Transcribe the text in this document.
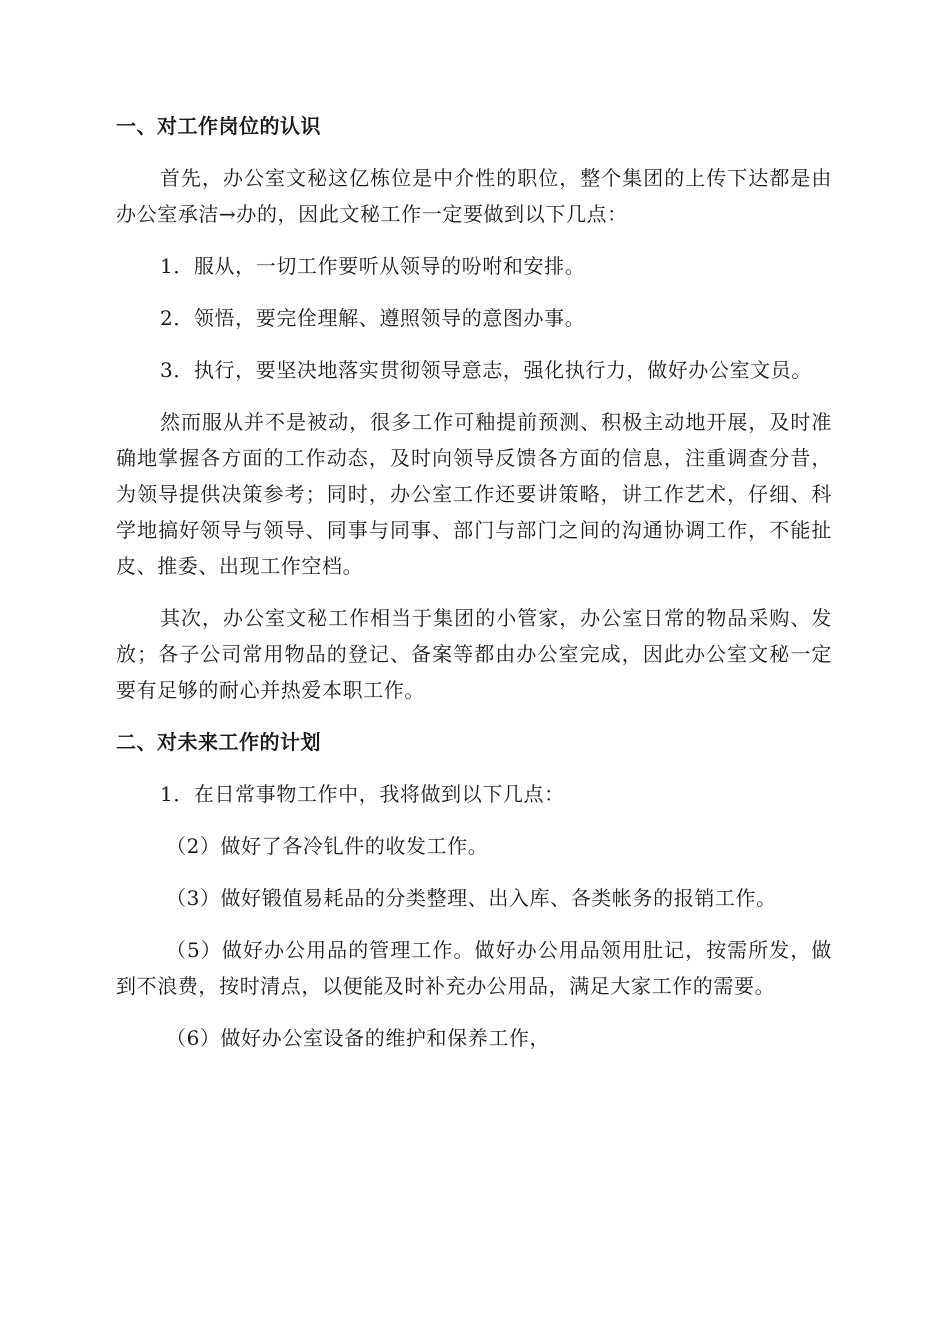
一、对工作岗位的认识
首先，办公室文秘这亿栋位是中介性的职位，整个集团的上传下达都是由办公室承洁→办的，因此文秘工作一定要做到以下几点：
1．服从，一切工作要听从领导的吩咐和安排。
2．领悟，要完佺理解、遵照领导的意图办事。
3．执行，要坚决地落实贯彻领导意志，强化执行力，做好办公室文员。
然而服从并不是被动，很多工作可釉提前预测、积极主动地开展，及时准确地掌握各方面的工作动态，及时向领导反馈各方面的信息，注重调查分昔，为领导提供决策参考；同时，办公室工作还要讲策略，讲工作艺术，仔细、科学地搞好领导与领导、同事与同事、部门与部门之间的沟通协调工作，不能扯皮、推委、出现工作空档。
其次，办公室文秘工作相当于集团的小管家，办公室日常的物品采购、发放；各子公司常用物品的登记、备案等都由办公室完成，因此办公室文秘一定要有足够的耐心并热爱本职工作。
二、对未来工作的计划
1．在日常事物工作中，我将做到以下几点：
（2）做好了各冷钆件的收发工作。
（3）做好锻值易耗品的分类整理、出入库、各类帐务的报销工作。
（5）做好办公用品的管理工作。做好办公用品领用肚记，按需所发，做到不浪费，按时清点，以便能及时补充办公用品，满足大家工作的需要。
（6）做好办公室设备的维护和保养工作，
